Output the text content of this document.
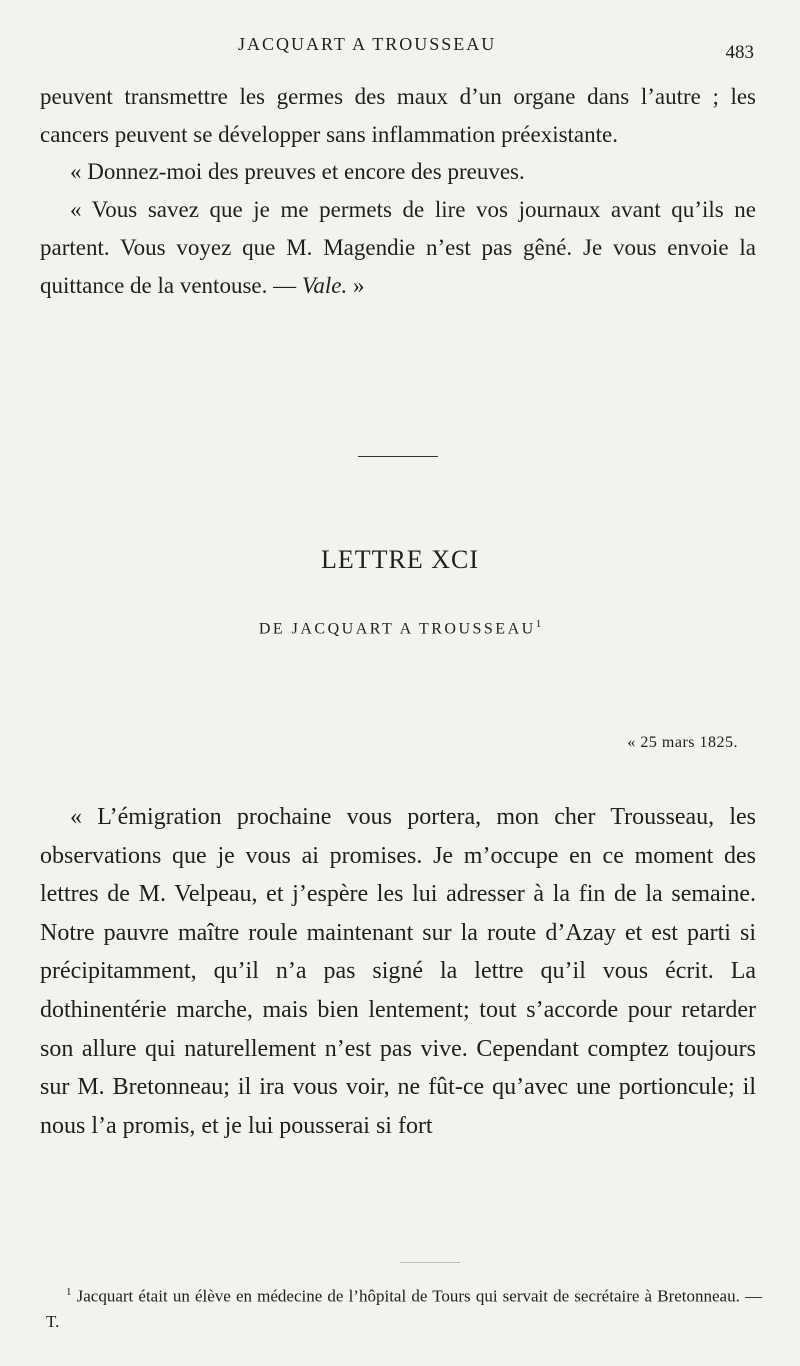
JACQUART A TROUSSEAU	483

peuvent transmettre les germes des maux d’un organe dans l’autre ; les cancers peuvent se développer sans inflammation préexistante.

« Donnez-moi des preuves et encore des preuves.

« Vous savez que je me permets de lire vos journaux avant qu’ils ne partent. Vous voyez que M. Magendie n’est pas gêné. Je vous envoie la quittance de la ventouse. — Vale. »

LETTRE XCI
DE JACQUART A TROUSSEAU$^1$
« 25 mars 1825.

« L’émigration prochaine vous portera, mon cher Trousseau, les observations que je vous ai promises. Je m’occupe en ce moment des lettres de M. Velpeau, et j’espère les lui adresser à la fin de la semaine. Notre pauvre maître roule maintenant sur la route d’Azay et est parti si précipitamment, qu’il n’a pas signé la lettre qu’il vous écrit. La dothinentérie marche, mais bien lentement; tout s’accorde pour retarder son allure qui naturellement n’est pas vive. Cependant comptez toujours sur M. Bretonneau; il ira vous voir, ne fût-ce qu’avec une portioncule; il nous l’a promis, et je lui pousserai si fort

$^1$ Jacquart était un élève en médecine de l’hôpital de Tours qui servait de secrétaire à Bretonneau. — T.
